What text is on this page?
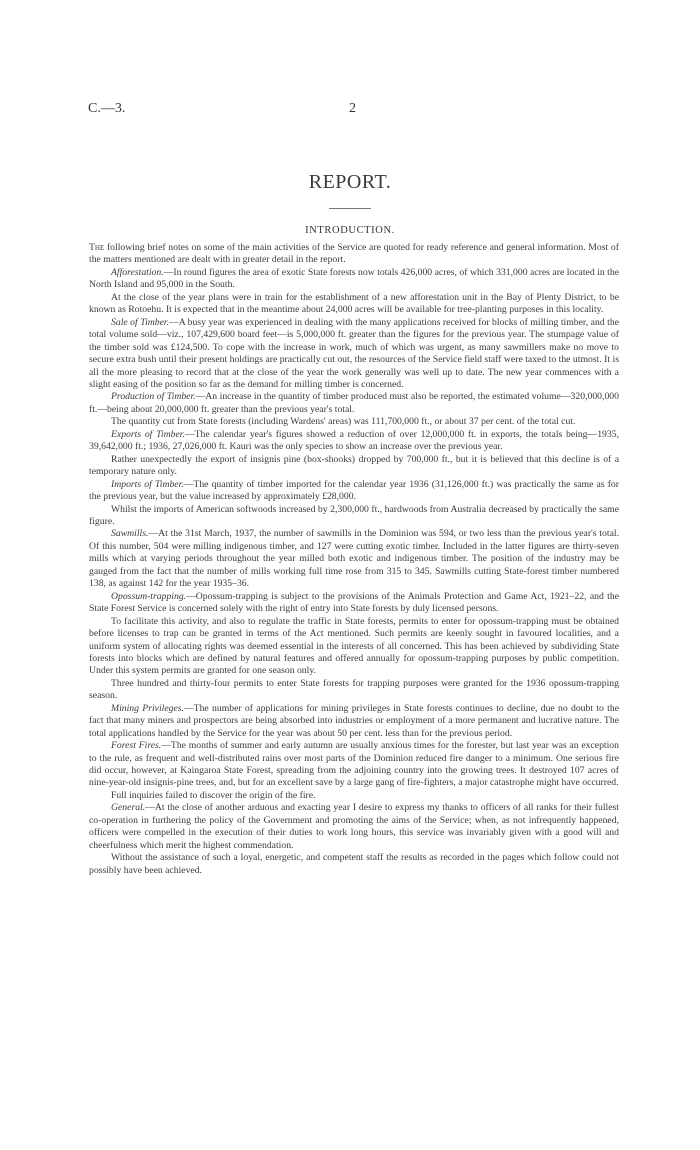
C.—3.	2
REPORT.
INTRODUCTION.

The following brief notes on some of the main activities of the Service are quoted for ready reference and general information. Most of the matters mentioned are dealt with in greater detail in the report.

Afforestation.—In round figures the area of exotic State forests now totals 426,000 acres, of which 331,000 acres are located in the North Island and 95,000 in the South.

At the close of the year plans were in train for the establishment of a new afforestation unit in the Bay of Plenty District, to be known as Rotoehu. It is expected that in the meantime about 24,000 acres will be available for tree-planting purposes in this locality.

Sale of Timber.—A busy year was experienced in dealing with the many applications received for blocks of milling timber, and the total volume sold—viz., 107,429,600 board feet—is 5,000,000 ft. greater than the figures for the previous year. The stumpage value of the timber sold was £124,500. To cope with the increase in work, much of which was urgent, as many sawmillers make no move to secure extra bush until their present holdings are practically cut out, the resources of the Service field staff were taxed to the utmost. It is all the more pleasing to record that at the close of the year the work generally was well up to date. The new year commences with a slight easing of the position so far as the demand for milling timber is concerned.

Production of Timber.—An increase in the quantity of timber produced must also be reported, the estimated volume—320,000,000 ft.—being about 20,000,000 ft. greater than the previous year's total.

The quantity cut from State forests (including Wardens' areas) was 111,700,000 ft., or about 37 per cent. of the total cut.

Exports of Timber.—The calendar year's figures showed a reduction of over 12,000,000 ft. in exports, the totals being—1935, 39,642,000 ft.; 1936, 27,026,000 ft. Kauri was the only species to show an increase over the previous year.

Rather unexpectedly the export of insignis pine (box-shooks) dropped by 700,000 ft., but it is believed that this decline is of a temporary nature only.

Imports of Timber.—The quantity of timber imported for the calendar year 1936 (31,126,000 ft.) was practically the same as for the previous year, but the value increased by approximately £28,000.

Whilst the imports of American softwoods increased by 2,300,000 ft., hardwoods from Australia decreased by practically the same figure.

Sawmills.—At the 31st March, 1937, the number of sawmills in the Dominion was 594, or two less than the previous year's total. Of this number, 504 were milling indigenous timber, and 127 were cutting exotic timber. Included in the latter figures are thirty-seven mills which at varying periods throughout the year milled both exotic and indigenous timber. The position of the industry may be gauged from the fact that the number of mills working full time rose from 315 to 345. Sawmills cutting State-forest timber numbered 138, as against 142 for the year 1935–36.

Opossum-trapping.—Opossum-trapping is subject to the provisions of the Animals Protection and Game Act, 1921–22, and the State Forest Service is concerned solely with the right of entry into State forests by duly licensed persons.

To facilitate this activity, and also to regulate the traffic in State forests, permits to enter for opossum-trapping must be obtained before licenses to trap can be granted in terms of the Act mentioned. Such permits are keenly sought in favoured localities, and a uniform system of allocating rights was deemed essential in the interests of all concerned. This has been achieved by subdividing State forests into blocks which are defined by natural features and offered annually for opossum-trapping purposes by public competition. Under this system permits are granted for one season only.

Three hundred and thirty-four permits to enter State forests for trapping purposes were granted for the 1936 opossum-trapping season.

Mining Privileges.—The number of applications for mining privileges in State forests continues to decline, due no doubt to the fact that many miners and prospectors are being absorbed into industries or employment of a more permanent and lucrative nature. The total applications handled by the Service for the year was about 50 per cent. less than for the previous period.

Forest Fires.—The months of summer and early autumn are usually anxious times for the forester, but last year was an exception to the rule, as frequent and well-distributed rains over most parts of the Dominion reduced fire danger to a minimum. One serious fire did occur, however, at Kaingaroa State Forest, spreading from the adjoining country into the growing trees. It destroyed 107 acres of nine-year-old insignis-pine trees, and, but for an excellent save by a large gang of fire-fighters, a major catastrophe might have occurred.

Full inquiries failed to discover the origin of the fire.

General.—At the close of another arduous and exacting year I desire to express my thanks to officers of all ranks for their fullest co-operation in furthering the policy of the Government and promoting the aims of the Service; when, as not infrequently happened, officers were compelled in the execution of their duties to work long hours, this service was invariably given with a good will and cheerfulness which merit the highest commendation.

Without the assistance of such a loyal, energetic, and competent staff the results as recorded in the pages which follow could not possibly have been achieved.
